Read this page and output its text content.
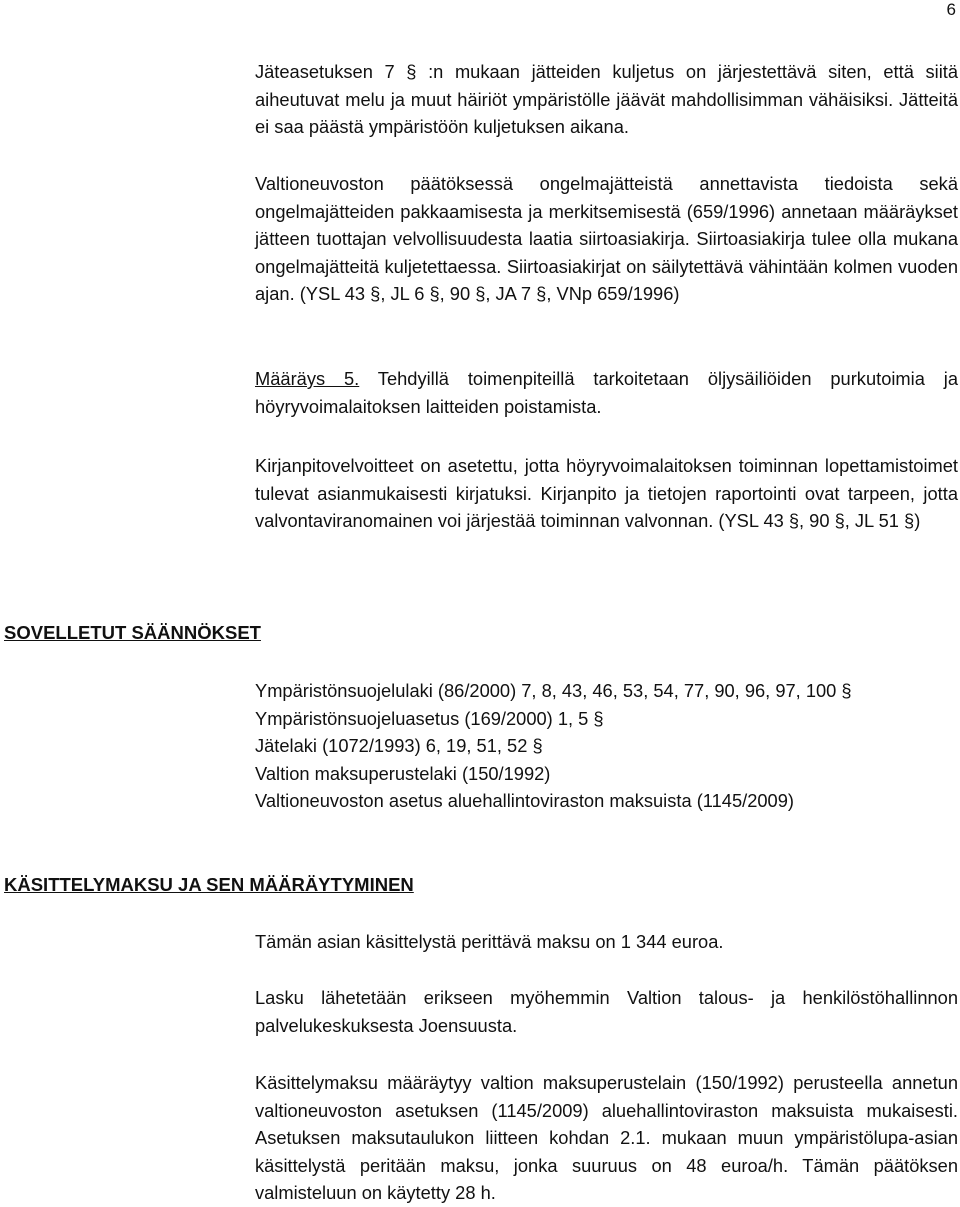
6
Jäteasetuksen 7 § :n mukaan jätteiden kuljetus on järjestettävä siten, että siitä aiheutuvat melu ja muut häiriöt ympäristölle jäävät mahdollisimman vähäisiksi. Jätteitä ei saa päästä ympäristöön kuljetuksen aikana.
Valtioneuvoston päätöksessä ongelmajätteistä annettavista tiedoista sekä ongelmajätteiden pakkaamisesta ja merkitsemisestä (659/1996) annetaan määräykset jätteen tuottajan velvollisuudesta laatia siirtoasiakirja. Siirtoasiakirja tulee olla mukana ongelmajätteitä kuljetettaessa. Siirtoasiakirjat on säilytettävä vähintään kolmen vuoden ajan. (YSL 43 §, JL 6 §, 90 §, JA 7 §, VNp 659/1996)
Määräys 5. Tehdyillä toimenpiteillä tarkoitetaan öljysäiliöiden purkutoimia ja höyryvoimalaitoksen laitteiden poistamista.
Kirjanpitovelvoitteet on asetettu, jotta höyryvoimalaitoksen toiminnan lopettamistoimet tulevat asianmukaisesti kirjatuksi. Kirjanpito ja tietojen raportointi ovat tarpeen, jotta valvontaviranomainen voi järjestää toiminnan valvonnan. (YSL 43 §, 90 §, JL 51 §)
SOVELLETUT SÄÄNNÖKSET
Ympäristönsuojelulaki (86/2000) 7, 8, 43, 46, 53, 54, 77, 90, 96, 97, 100 §
Ympäristönsuojeluasetus (169/2000) 1, 5 §
Jätelaki (1072/1993) 6, 19, 51, 52 §
Valtion maksuperustelaki (150/1992)
Valtioneuvoston asetus aluehallintoviraston maksuista (1145/2009)
KÄSITTELYMAKSU JA SEN MÄÄRÄYTYMINEN
Tämän asian käsittelystä perittävä maksu on 1 344 euroa.
Lasku lähetetään erikseen myöhemmin Valtion talous- ja henkilöstöhallinnon palvelukeskuksesta Joensuusta.
Käsittelymaksu määräytyy valtion maksuperustelain (150/1992) perusteella annetun valtioneuvoston asetuksen (1145/2009) aluehallintoviraston maksuista mukaisesti. Asetuksen maksutaulukon liitteen kohdan 2.1. mukaan muun ympäristölupa-asian käsittelystä peritään maksu, jonka suuruus on 48 euroa/h. Tämän päätöksen valmisteluun on käytetty 28 h.
